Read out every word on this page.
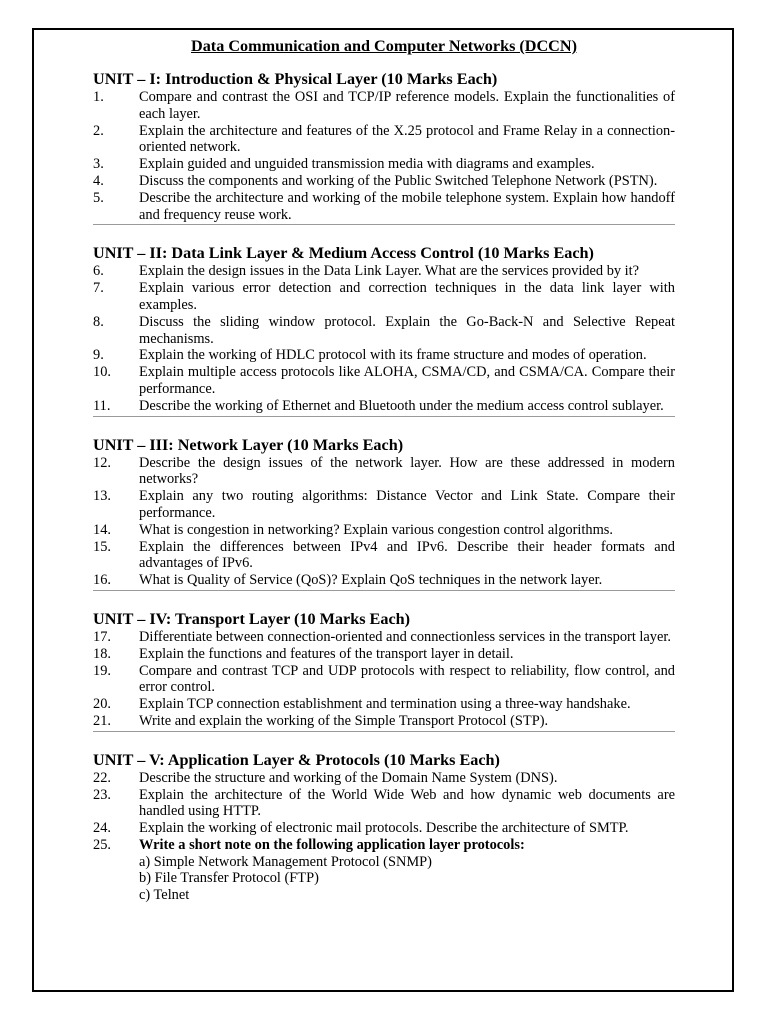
Data Communication and Computer Networks (DCCN)
UNIT – I: Introduction & Physical Layer (10 Marks Each)
1.	Compare and contrast the OSI and TCP/IP reference models. Explain the functionalities of each layer.
2.	Explain the architecture and features of the X.25 protocol and Frame Relay in a connection-oriented network.
3.	Explain guided and unguided transmission media with diagrams and examples.
4.	Discuss the components and working of the Public Switched Telephone Network (PSTN).
5.	Describe the architecture and working of the mobile telephone system. Explain how handoff and frequency reuse work.
UNIT – II: Data Link Layer & Medium Access Control (10 Marks Each)
6.	Explain the design issues in the Data Link Layer. What are the services provided by it?
7.	Explain various error detection and correction techniques in the data link layer with examples.
8.	Discuss the sliding window protocol. Explain the Go-Back-N and Selective Repeat mechanisms.
9.	Explain the working of HDLC protocol with its frame structure and modes of operation.
10.	Explain multiple access protocols like ALOHA, CSMA/CD, and CSMA/CA. Compare their performance.
11.	Describe the working of Ethernet and Bluetooth under the medium access control sublayer.
UNIT – III: Network Layer (10 Marks Each)
12.	Describe the design issues of the network layer. How are these addressed in modern networks?
13.	Explain any two routing algorithms: Distance Vector and Link State. Compare their performance.
14.	What is congestion in networking? Explain various congestion control algorithms.
15.	Explain the differences between IPv4 and IPv6. Describe their header formats and advantages of IPv6.
16.	What is Quality of Service (QoS)? Explain QoS techniques in the network layer.
UNIT – IV: Transport Layer (10 Marks Each)
17.	Differentiate between connection-oriented and connectionless services in the transport layer.
18.	Explain the functions and features of the transport layer in detail.
19.	Compare and contrast TCP and UDP protocols with respect to reliability, flow control, and error control.
20.	Explain TCP connection establishment and termination using a three-way handshake.
21.	Write and explain the working of the Simple Transport Protocol (STP).
UNIT – V: Application Layer & Protocols (10 Marks Each)
22.	Describe the structure and working of the Domain Name System (DNS).
23.	Explain the architecture of the World Wide Web and how dynamic web documents are handled using HTTP.
24.	Explain the working of electronic mail protocols. Describe the architecture of SMTP.
25.	Write a short note on the following application layer protocols:
a) Simple Network Management Protocol (SNMP)
b) File Transfer Protocol (FTP)
c) Telnet
